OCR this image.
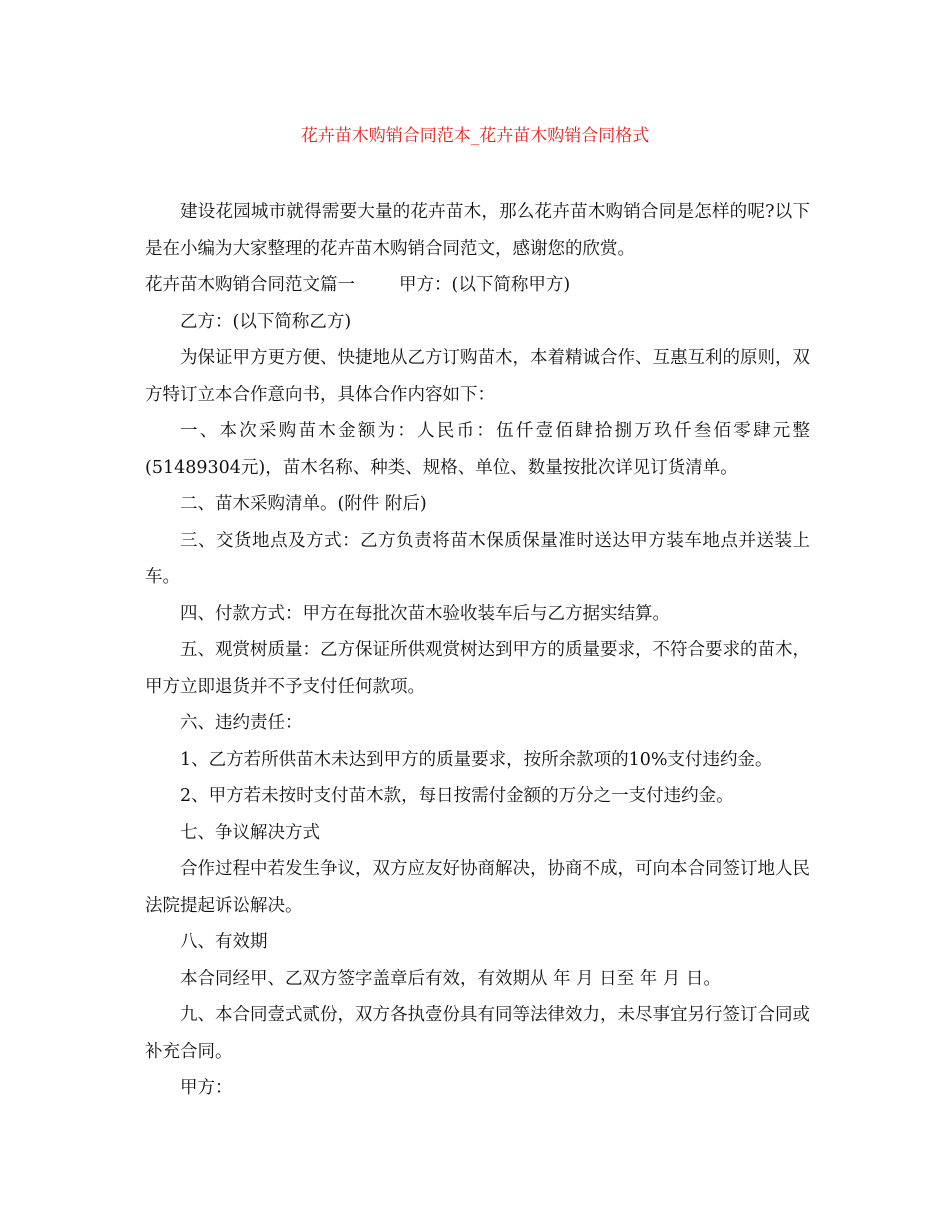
花卉苗木购销合同范本_花卉苗木购销合同格式

建设花园城市就得需要大量的花卉苗木，那么花卉苗木购销合同是怎样的呢?以下是在小编为大家整理的花卉苗木购销合同范文，感谢您的欣赏。

花卉苗木购销合同范文篇一	甲方：(以下简称甲方)

乙方：(以下简称乙方)

为保证甲方更方便、快捷地从乙方订购苗木，本着精诚合作、互惠互利的原则，双方特订立本合作意向书，具体合作内容如下：

一、本次采购苗木金额为：人民币：伍仟壹佰肆拾捌万玖仟叁佰零肆元整(51489304元)，苗木名称、种类、规格、单位、数量按批次详见订货清单。

二、苗木采购清单。(附件 附后)

三、交货地点及方式：乙方负责将苗木保质保量准时送达甲方装车地点并送装上车。

四、付款方式：甲方在每批次苗木验收装车后与乙方据实结算。

五、观赏树质量：乙方保证所供观赏树达到甲方的质量要求，不符合要求的苗木，甲方立即退货并不予支付任何款项。

六、违约责任：

1、乙方若所供苗木未达到甲方的质量要求，按所余款项的10%支付违约金。

2、甲方若未按时支付苗木款，每日按需付金额的万分之一支付违约金。

七、争议解决方式

合作过程中若发生争议，双方应友好协商解决，协商不成，可向本合同签订地人民法院提起诉讼解决。

八、有效期

本合同经甲、乙双方签字盖章后有效，有效期从 年 月 日至 年 月 日。

九、本合同壹式贰份，双方各执壹份具有同等法律效力，未尽事宜另行签订合同或补充合同。

甲方：
